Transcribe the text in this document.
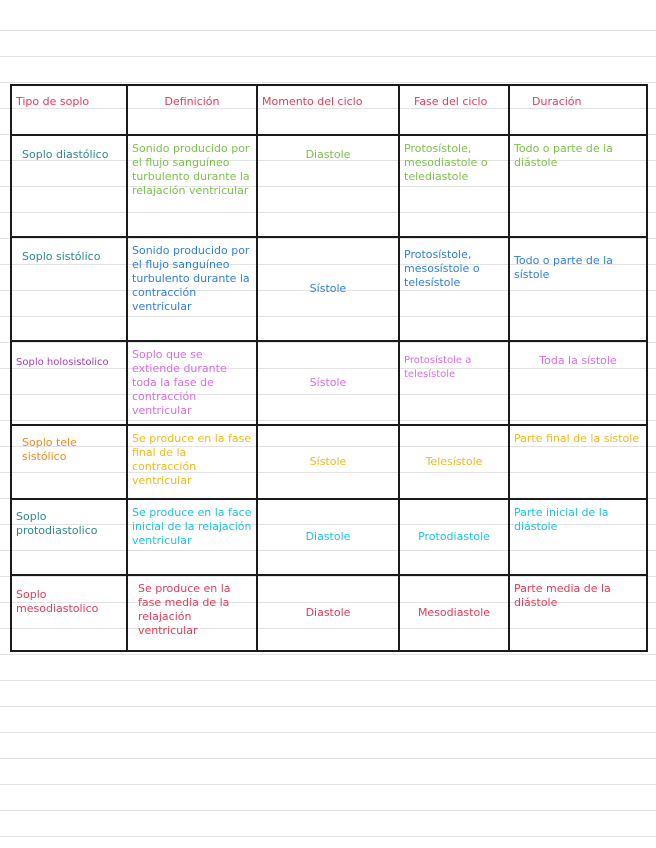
Tipo de soplo	Definición	Momento del ciclo	Fase del ciclo	Duración
Soplo diastólico	Sonido producido por el flujo sanguíneo turbulento durante la relajación ventricular	Diastole	Protosístole, mesodiastole o telediastole	Todo o parte de la diástole
Soplo sistólico	Sonido producido por el flujo sanguíneo turbulento durante la contracción ventricular	Sístole	Protosístole, mesosístole o telesístole	Todo o parte de la sístole
Soplo holosistolico	Soplo que se extiende durante toda la fase de contracción ventricular	Sístole	Protosístole a telesístole	Toda la sístole
Soplo tele sistólico	Se produce en la fase final de la contracción ventricular	Sístole	Telesístole	Parte final de la sístole
Soplo protodiastolico	Se produce en la face inicial de la relajación ventricular	Diastole	Protodiastole	Parte inicial de la diástole
Soplo mesodiastolico	Se produce en la fase media de la relajación ventricular	Diastole	Mesodiastole	Parte media de la diástole
